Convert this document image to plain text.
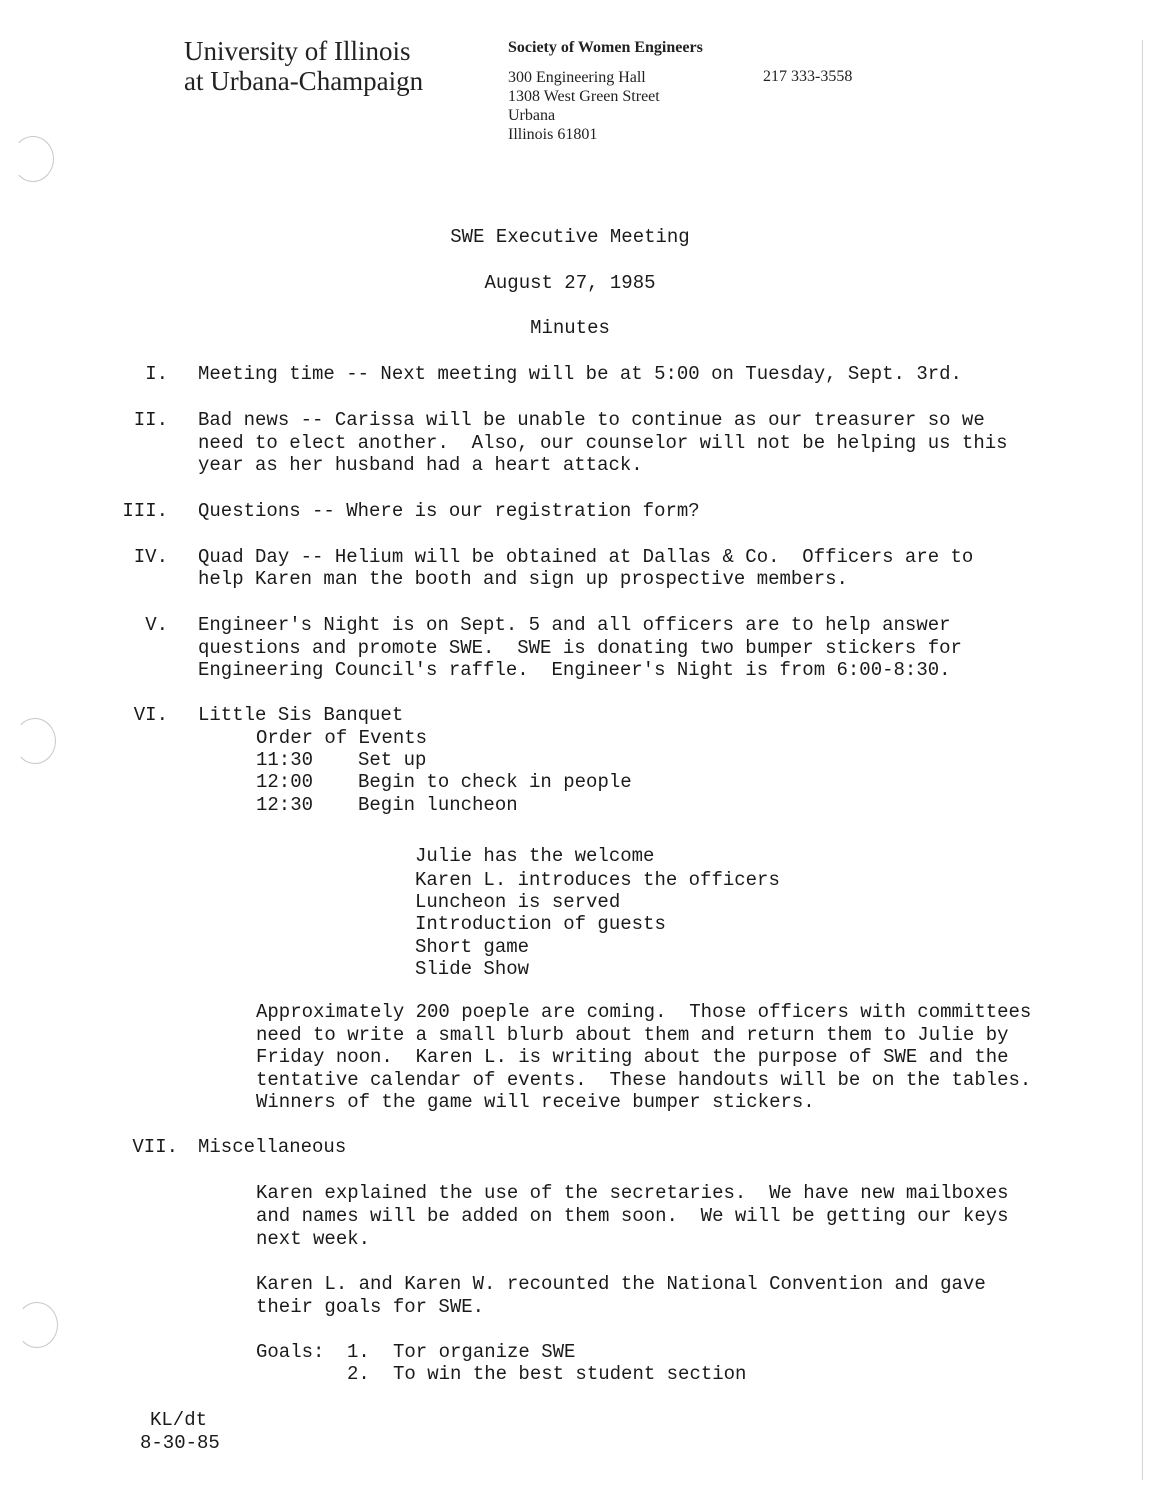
University of Illinois
at Urbana-Champaign
Society of Women Engineers
300 Engineering Hall
1308 West Green Street
Urbana
Illinois 61801
217 333-3558
SWE Executive Meeting
August 27, 1985
Minutes
I. Meeting time -- Next meeting will be at 5:00 on Tuesday, Sept. 3rd.
II. Bad news -- Carissa will be unable to continue as our treasurer so we
need to elect another.  Also, our counselor will not be helping us this
year as her husband had a heart attack.
III. Questions -- Where is our registration form?
IV. Quad Day -- Helium will be obtained at Dallas & Co.  Officers are to
help Karen man the booth and sign up prospective members.
V. Engineer's Night is on Sept. 5 and all officers are to help answer
questions and promote SWE.  SWE is donating two bumper stickers for
Engineering Council's raffle.  Engineer's Night is from 6:00-8:30.
VI. Little Sis Banquet
Order of Events
11:30 Set up
12:00 Begin to check in people
12:30 Begin luncheon
Julie has the welcome
Karen L. introduces the officers
Luncheon is served
Introduction of guests
Short game
Slide Show
Approximately 200 poeple are coming.  Those officers with committees
need to write a small blurb about them and return them to Julie by
Friday noon.  Karen L. is writing about the purpose of SWE and the
tentative calendar of events.  These handouts will be on the tables.
Winners of the game will receive bumper stickers.
VII. Miscellaneous
Karen explained the use of the secretaries.  We have new mailboxes
and names will be added on them soon.  We will be getting our keys
next week.
Karen L. and Karen W. recounted the National Convention and gave
their goals for SWE.
Goals: 1. Tor organize SWE
2. To win the best student section
KL/dt
8-30-85
